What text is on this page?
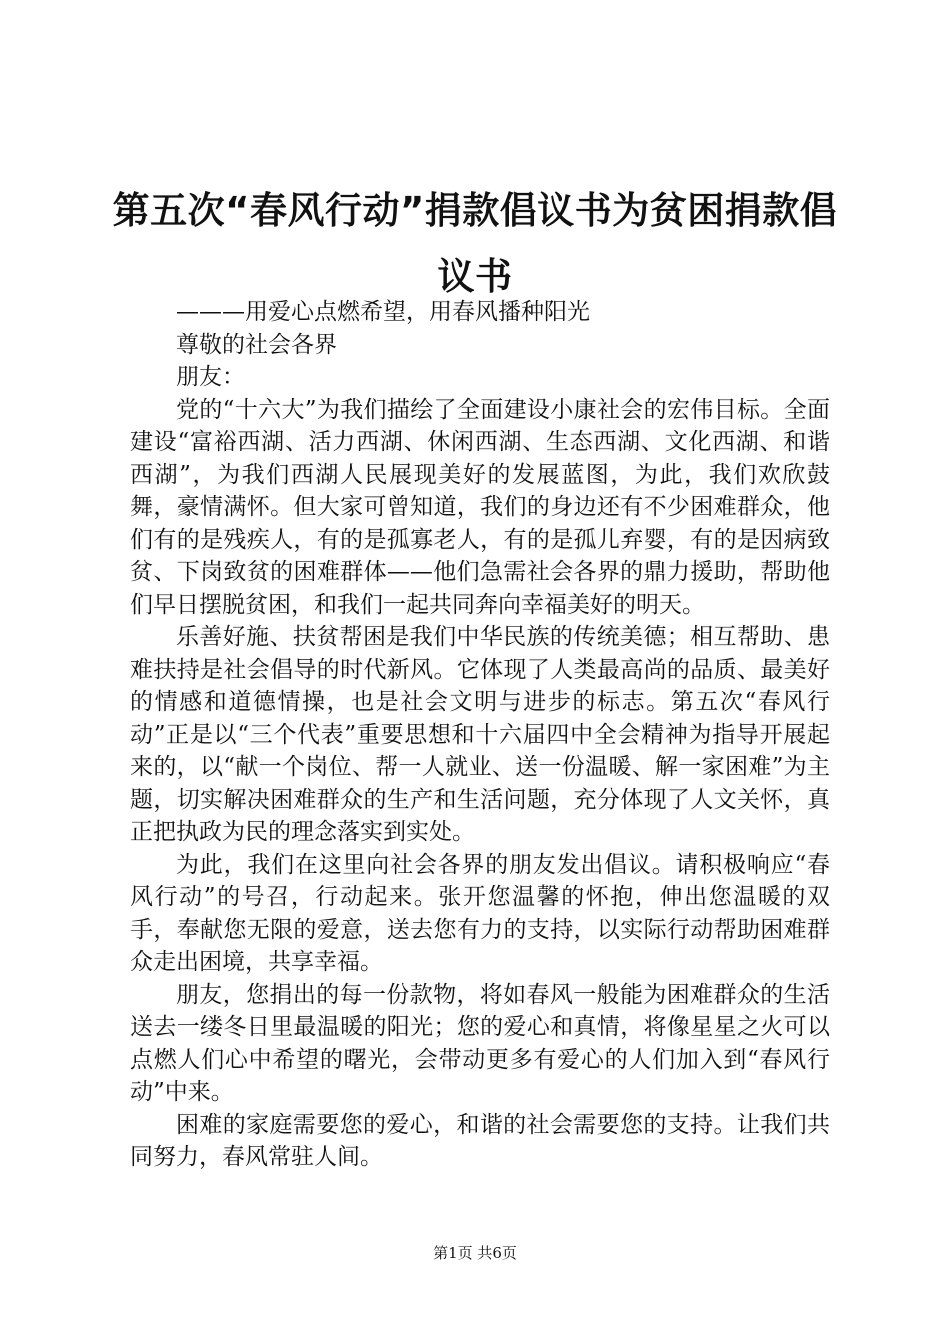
第五次“春风行动”捐款倡议书为贫困捐款倡议书

———用爱心点燃希望，用春风播种阳光

尊敬的社会各界

朋友：

党的“十六大”为我们描绘了全面建设小康社会的宏伟目标。全面建设“富裕西湖、活力西湖、休闲西湖、生态西湖、文化西湖、和谐西湖”，为我们西湖人民展现美好的发展蓝图，为此，我们欢欣鼓舞，豪情满怀。但大家可曾知道，我们的身边还有不少困难群众，他们有的是残疾人，有的是孤寡老人，有的是孤儿弃婴，有的是因病致贫、下岗致贫的困难群体——他们急需社会各界的鼎力援助，帮助他们早日摆脱贫困，和我们一起共同奔向幸福美好的明天。

乐善好施、扶贫帮困是我们中华民族的传统美德；相互帮助、患难扶持是社会倡导的时代新风。它体现了人类最高尚的品质、最美好的情感和道德情操，也是社会文明与进步的标志。第五次“春风行动”正是以“三个代表”重要思想和十六届四中全会精神为指导开展起来的，以“献一个岗位、帮一人就业、送一份温暖、解一家困难”为主题，切实解决困难群众的生产和生活问题，充分体现了人文关怀，真正把执政为民的理念落实到实处。

为此，我们在这里向社会各界的朋友发出倡议。请积极响应“春风行动”的号召，行动起来。张开您温馨的怀抱，伸出您温暖的双手，奉献您无限的爱意，送去您有力的支持，以实际行动帮助困难群众走出困境，共享幸福。

朋友，您捐出的每一份款物，将如春风一般能为困难群众的生活送去一缕冬日里最温暖的阳光；您的爱心和真情，将像星星之火可以点燃人们心中希望的曙光，会带动更多有爱心的人们加入到“春风行动”中来。

困难的家庭需要您的爱心，和谐的社会需要您的支持。让我们共同努力，春风常驻人间。

第1页 共6页
